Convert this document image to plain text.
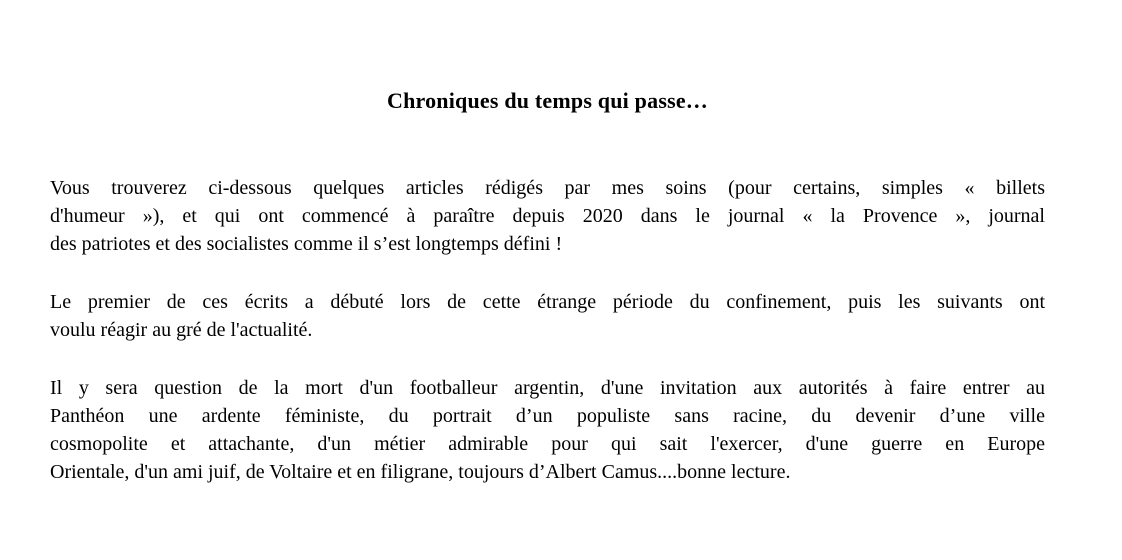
Chroniques du temps qui passe…

Vous trouverez ci-dessous quelques articles rédigés par mes soins (pour certains, simples « billets
d'humeur »), et qui ont commencé à paraître depuis 2020 dans le journal « la Provence », journal
des patriotes et des socialistes comme il s’est longtemps défini !

Le premier de ces écrits a débuté lors de cette étrange période du confinement, puis les suivants ont
voulu réagir au gré de l'actualité.

Il y sera question de la mort d'un footballeur argentin, d'une invitation aux autorités à faire entrer au
Panthéon une ardente féministe, du portrait d’un populiste sans racine, du devenir d’une ville
cosmopolite et attachante, d'un métier admirable pour qui sait l'exercer, d'une guerre en Europe
Orientale, d'un ami juif, de Voltaire et en filigrane, toujours d’Albert Camus....bonne lecture.
